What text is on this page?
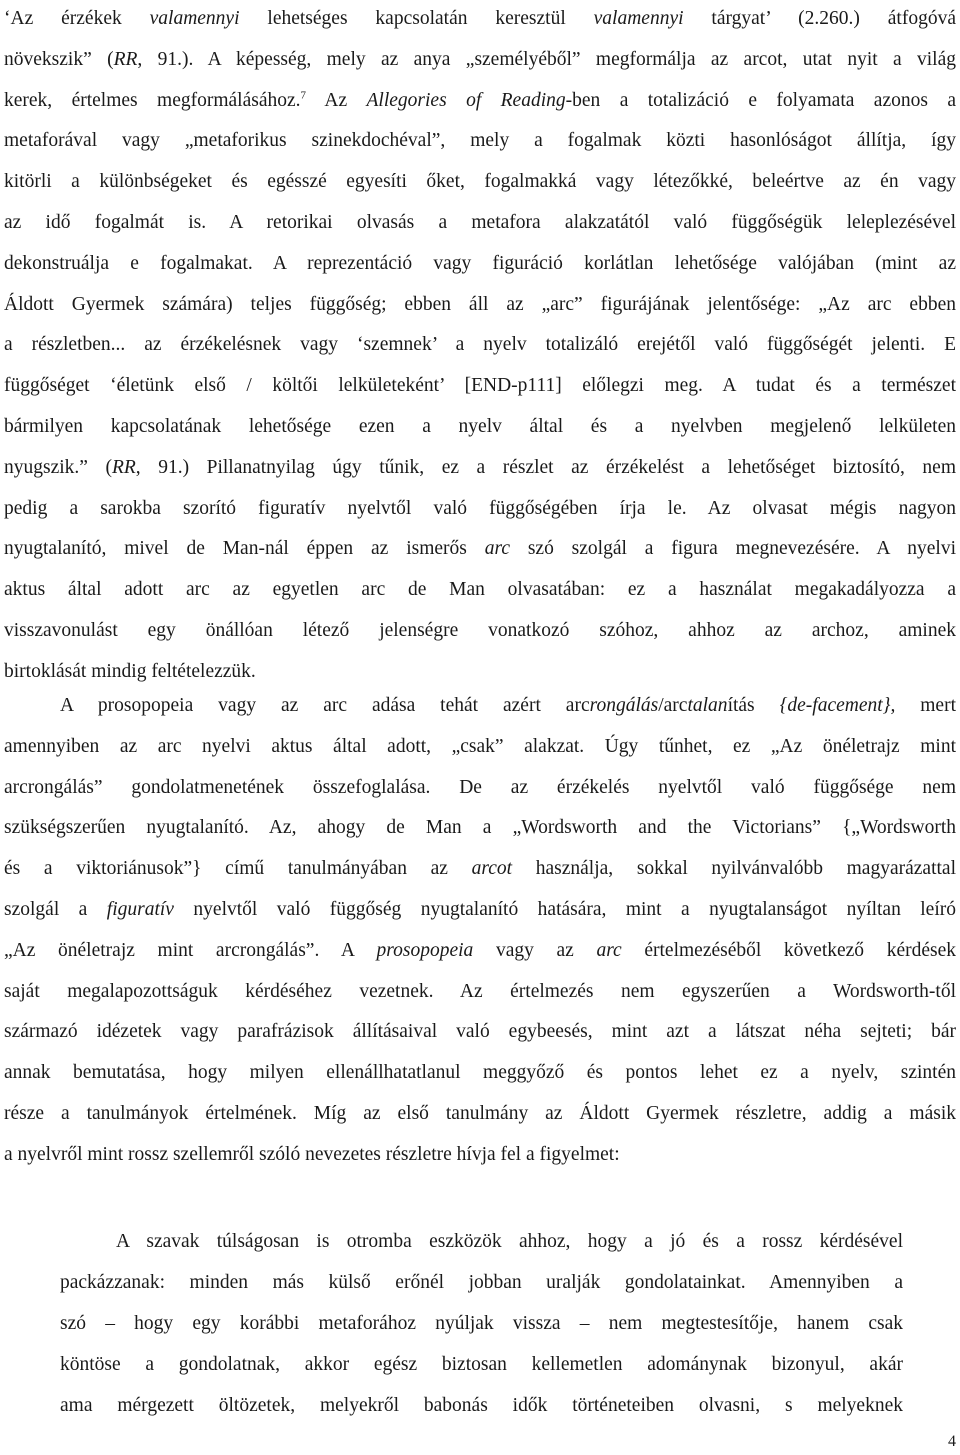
‘Az érzékek valamennyi lehetséges kapcsolatán keresztül valamennyi tárgyat’ (2.260.) átfogóvá
növekszik” (RR, 91.). A képesség, mely az anya „személyéből” megformálja az arcot, utat nyit a világ
kerek, értelmes megformálásához.$^7$ Az Allegories of Reading-ben a totalizáció e folyamata azonos a
metaforával vagy „metaforikus szinekdochéval”, mely a fogalmak közti hasonlóságot állítja, így
kitörli a különbségeket és egésszé egyesíti őket, fogalmakká vagy létezőkké, beleértve az én vagy
az idő fogalmát is. A retorikai olvasás a metafora alakzatától való függőségük leleplezésével
dekonstruálja e fogalmakat. A reprezentáció vagy figuráció korlátlan lehetősége valójában (mint az
Áldott Gyermek számára) teljes függőség; ebben áll az „arc” figurájának jelentősége: „Az arc ebben
a részletben... az érzékelésnek vagy ‘szemnek’ a nyelv totalizáló erejétől való függőségét jelenti. E
függőséget ‘életünk első / költői lelkületeként’ [END-p111] előlegzi meg. A tudat és a természet
bármilyen kapcsolatának lehetősége ezen a nyelv által és a nyelvben megjelenő lelkületen
nyugszik.” (RR, 91.) Pillanatnyilag úgy tűnik, ez a részlet az érzékelést a lehetőséget biztosító, nem
pedig a sarokba szorító figuratív nyelvtől való függőségében írja le. Az olvasat mégis nagyon
nyugtalanító, mivel de Man-nál éppen az ismerős arc szó szolgál a figura megnevezésére. A nyelvi
aktus által adott arc az egyetlen arc de Man olvasatában: ez a használat megakadályozza a
visszavonulást egy önállóan létező jelenségre vonatkozó szóhoz, ahhoz az archoz, aminek
birtoklását mindig feltételezzük.
A prosopopeia vagy az arc adása tehát azért arcrongálás/arctalanítás {de-facement}, mert
amennyiben az arc nyelvi aktus által adott, „csak” alakzat. Úgy tűnhet, ez „Az önéletrajz mint
arcrongálás” gondolatmenetének összefoglalása. De az érzékelés nyelvtől való függősége nem
szükségszerűen nyugtalanító. Az, ahogy de Man a „Wordsworth and the Victorians” {„Wordsworth
és a viktoriánusok”} című tanulmányában az arcot használja, sokkal nyilvánvalóbb magyarázattal
szolgál a figuratív nyelvtől való függőség nyugtalanító hatására, mint a nyugtalanságot nyíltan leíró
„Az önéletrajz mint arcrongálás”. A prosopopeia vagy az arc értelmezéséből következő kérdések
saját megalapozottságuk kérdéséhez vezetnek. Az értelmezés nem egyszerűen a Wordsworth-től
származó idézetek vagy parafrázisok állításaival való egybeesés, mint azt a látszat néha sejteti; bár
annak bemutatása, hogy milyen ellenállhatatlanul meggyőző és pontos lehet ez a nyelv, szintén
része a tanulmányok értelmének. Míg az első tanulmány az Áldott Gyermek részletre, addig a másik
a nyelvről mint rossz szellemről szóló nevezetes részletre hívja fel a figyelmet:
A szavak túlságosan is otromba eszközök ahhoz, hogy a jó és a rossz kérdésével
packázzanak: minden más külső erőnél jobban uralják gondolatainkat. Amennyiben a
szó – hogy egy korábbi metaforához nyúljak vissza – nem megtestesítője, hanem csak
köntöse a gondolatnak, akkor egész biztosan kellemetlen adománynak bizonyul, akár
ama mérgezett öltözetek, melyekről babonás idők történeteiben olvasni, s melyeknek
4
